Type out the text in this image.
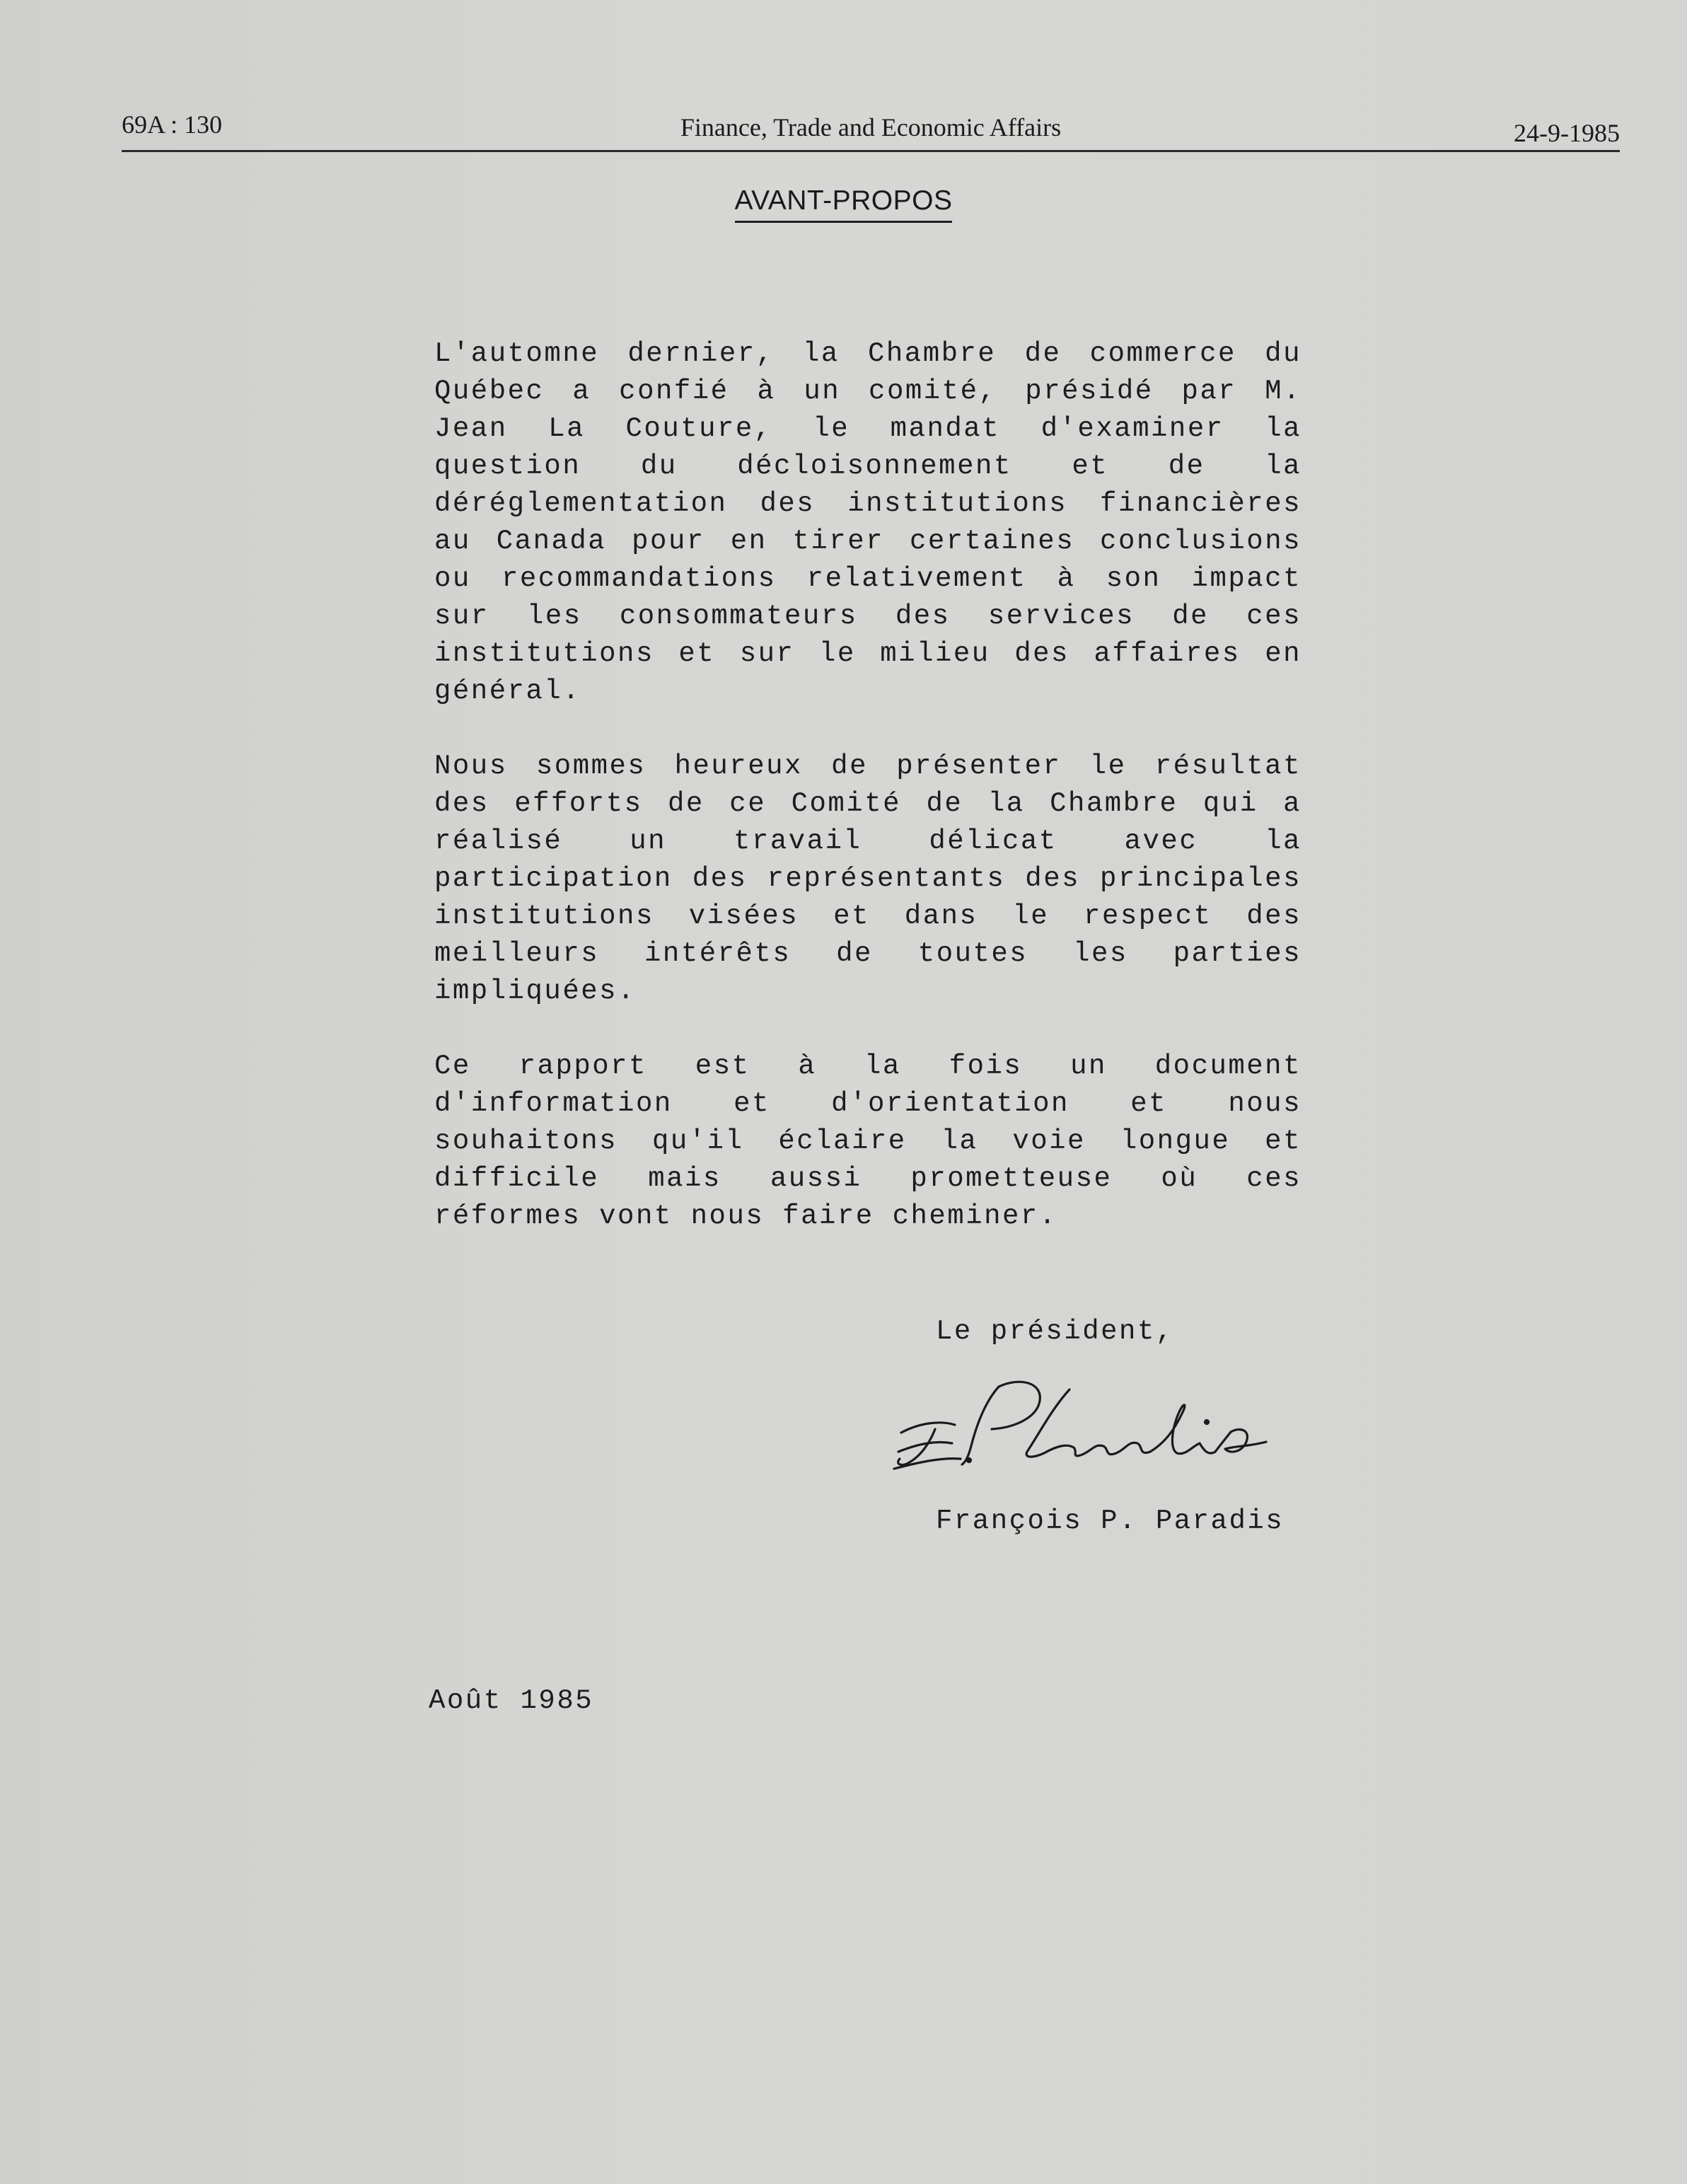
69A : 130	Finance, Trade and Economic Affairs	24-9-1985
AVANT-PROPOS

L'automne dernier, la Chambre de commerce du Québec a confié à un comité, présidé par M. Jean La Couture, le mandat d'examiner la question du décloisonnement et de la déréglementation des institutions financières au Canada pour en tirer certaines conclusions ou recommandations relativement à son impact sur les consommateurs des services de ces institutions et sur le milieu des affaires en général.

Nous sommes heureux de présenter le résultat des efforts de ce Comité de la Chambre qui a réalisé un travail délicat avec la participation des représentants des principales institutions visées et dans le respect des meilleurs intérêts de toutes les parties impliquées.

Ce rapport est à la fois un document d'information et d'orientation et nous souhaitons qu'il éclaire la voie longue et difficile mais aussi prometteuse où ces réformes vont nous faire cheminer.

Le président,
François P. Paradis
Août 1985
